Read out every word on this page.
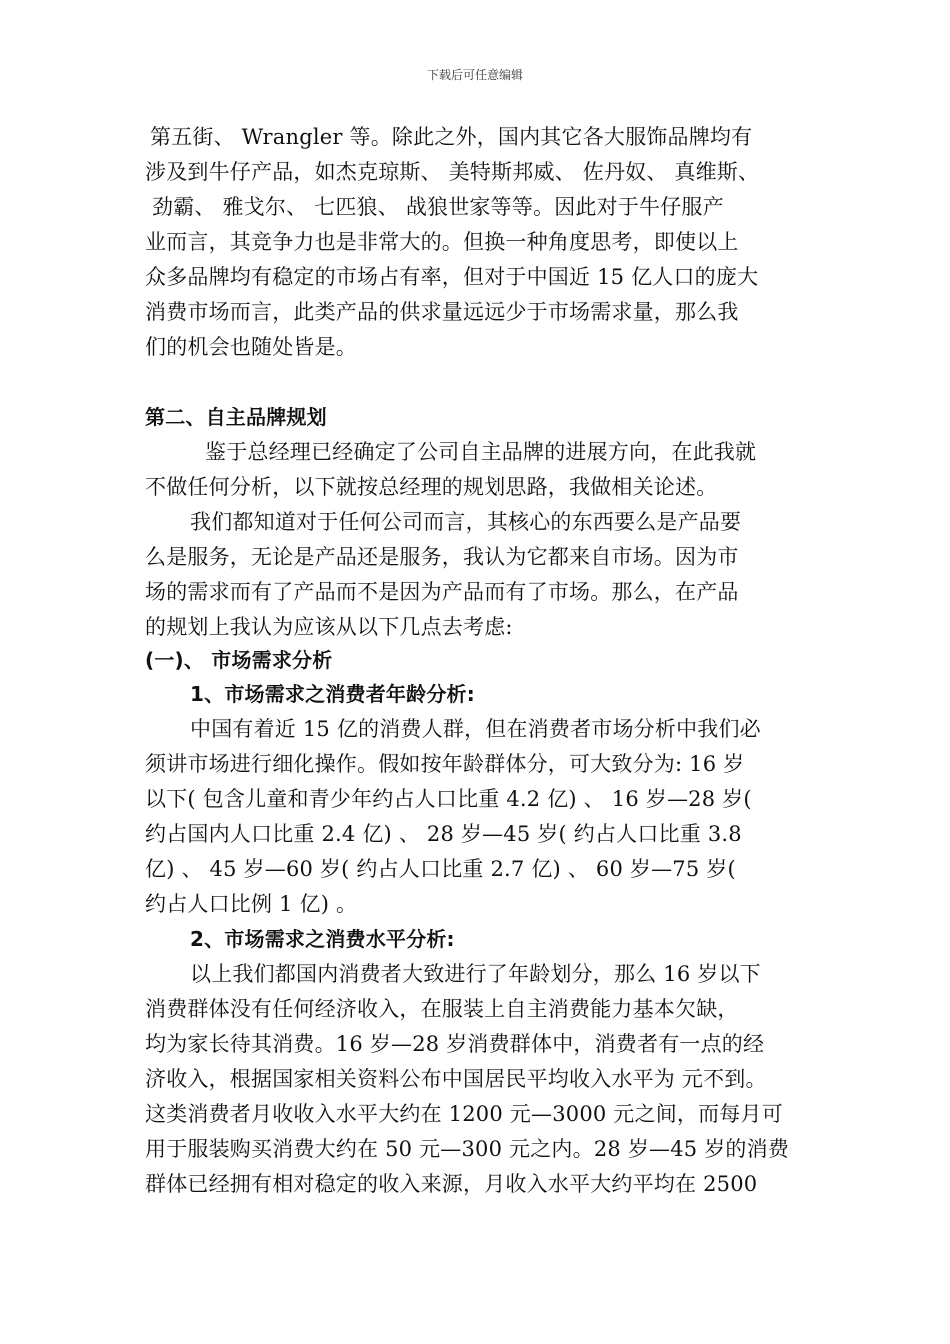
下载后可任意编辑
第五街、 Wrangler 等。除此之外，国内其它各大服饰品牌均有
涉及到牛仔产品，如杰克琼斯、 美特斯邦威、 佐丹奴、 真维斯、
劲霸、 雅戈尔、 七匹狼、 战狼世家等等。因此对于牛仔服产
业而言，其竞争力也是非常大的。但换一种角度思考，即使以上
众多品牌均有稳定的市场占有率，但对于中国近 15 亿人口的庞大
消费市场而言，此类产品的供求量远远少于市场需求量，那么我
们的机会也随处皆是。
第二、自主品牌规划
鉴于总经理已经确定了公司自主品牌的进展方向，在此我就
不做任何分析，以下就按总经理的规划思路，我做相关论述。
我们都知道对于任何公司而言，其核心的东西要么是产品要
么是服务，无论是产品还是服务，我认为它都来自市场。因为市
场的需求而有了产品而不是因为产品而有了市场。那么，在产品
的规划上我认为应该从以下几点去考虑:
(一)、 市场需求分析
1、市场需求之消费者年龄分析:
中国有着近 15 亿的消费人群，但在消费者市场分析中我们必
须讲市场进行细化操作。假如按年龄群体分，可大致分为: 16 岁
以下( 包含儿童和青少年约占人口比重 4.2 亿) 、 16 岁—28 岁(
约占国内人口比重 2.4 亿) 、 28 岁—45 岁( 约占人口比重 3.8
亿) 、 45 岁—60 岁( 约占人口比重 2.7 亿) 、 60 岁—75 岁(
约占人口比例 1 亿) 。
2、市场需求之消费水平分析:
以上我们都国内消费者大致进行了年龄划分，那么 16 岁以下
消费群体没有任何经济收入，在服装上自主消费能力基本欠缺，
均为家长待其消费。16 岁—28 岁消费群体中，消费者有一点的经
济收入，根据国家相关资料公布中国居民平均收入水平为 元不到。
这类消费者月收收入水平大约在 1200 元—3000 元之间，而每月可
用于服装购买消费大约在 50 元—300 元之内。28 岁—45 岁的消费
群体已经拥有相对稳定的收入来源，月收入水平大约平均在 2500
